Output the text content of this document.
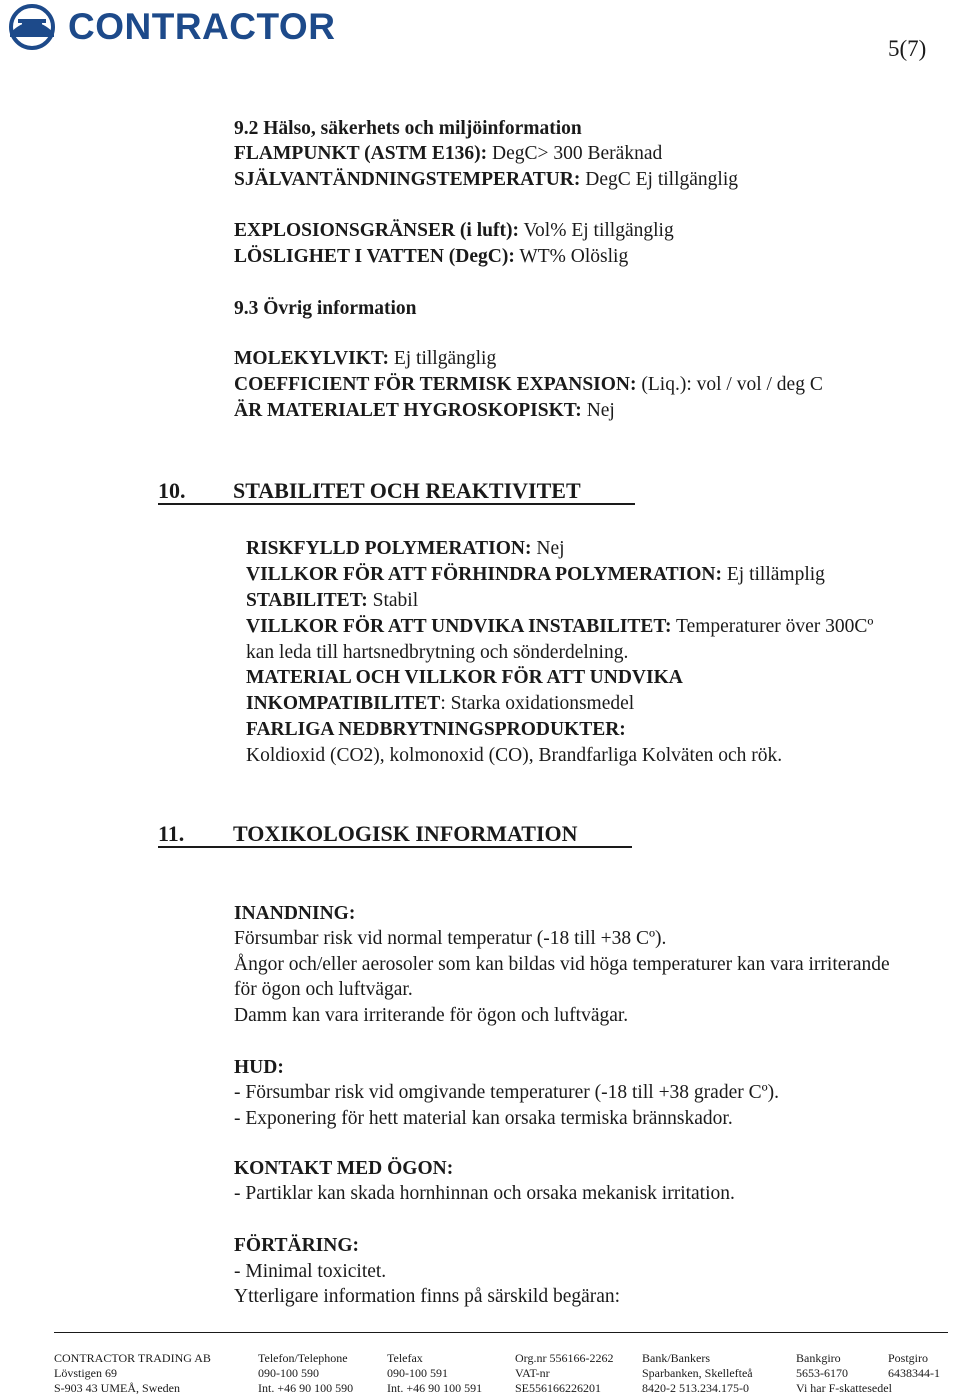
CONTRACTOR
5(7)
9.2 Hälso, säkerhets och miljöinformation
FLAMPUNKT (ASTM E136): DegC> 300 Beräknad
SJÄLVANTÄNDNINGSTEMPERATUR: DegC Ej tillgänglig
EXPLOSIONSGRÄNSER (i luft): Vol% Ej tillgänglig
LÖSLIGHET I VATTEN (DegC): WT% Olöslig
9.3 Övrig information
MOLEKYLVIKT: Ej tillgänglig
COEFFICIENT FÖR TERMISK EXPANSION: (Liq.): vol / vol / deg C
ÄR MATERIALET HYGROSKOPISKT: Nej
10. STABILITET OCH REAKTIVITET
RISKFYLLD POLYMERATION: Nej
VILLKOR FÖR ATT FÖRHINDRA POLYMERATION: Ej tillämplig
STABILITET: Stabil
VILLKOR FÖR ATT UNDVIKA INSTABILITET: Temperaturer över 300Cº
kan leda till hartsnedbrytning och sönderdelning.
MATERIAL OCH VILLKOR FÖR ATT UNDVIKA
INKOMPATIBILITET: Starka oxidationsmedel
FARLIGA NEDBRYTNINGSPRODUKTER:
Koldioxid (CO2), kolmonoxid (CO), Brandfarliga Kolväten och rök.
11. TOXIKOLOGISK INFORMATION
INANDNING:
Försumbar risk vid normal temperatur (-18 till +38 Cº).
Ångor och/eller aerosoler som kan bildas vid höga temperaturer kan vara irriterande
för ögon och luftvägar.
Damm kan vara irriterande för ögon och luftvägar.
HUD:
- Försumbar risk vid omgivande temperaturer (-18 till +38 grader Cº).
- Exponering för hett material kan orsaka termiska brännskador.
KONTAKT MED ÖGON:
- Partiklar kan skada hornhinnan och orsaka mekanisk irritation.
FÖRTÄRING:
- Minimal toxicitet.
Ytterligare information finns på särskild begäran:
CONTRACTOR TRADING AB
Lövstigen 69
S-903 43 UMEÅ, Sweden
Telefon/Telephone
090-100 590
Int. +46 90 100 590
Telefax
090-100 591
Int. +46 90 100 591
Org.nr 556166-2262
VAT-nr
SE556166226201
Bank/Bankers
Sparbanken, Skellefteå
8420-2 513.234.175-0
Bankgiro
5653-6170
Vi har F-skattesedel
Postgiro
6438344-1
